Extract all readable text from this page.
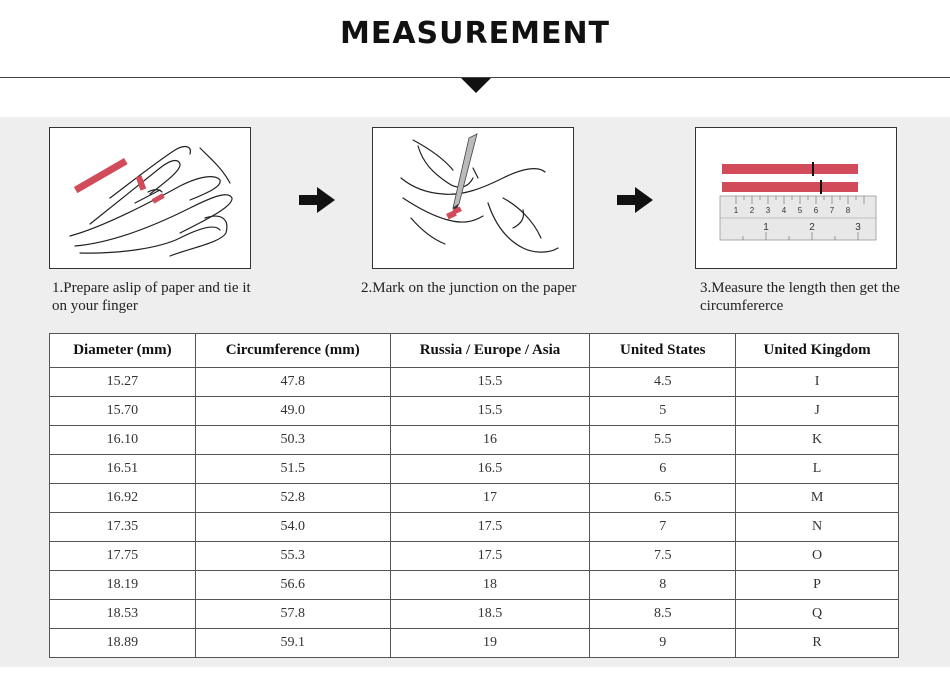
MEASUREMENT
1 2 3 4 5 6 7 8
1	2	3
1.Prepare aslip of paper and tie it on your finger
2.Mark on the junction on the paper	3.Measure the length then get the circumfererce
Diameter (mm)	Circumference (mm)	Russia / Europe / Asia	United States	United Kingdom
15.27	47.8	15.5	4.5	I
15.70	49.0	15.5	5	J
16.10	50.3	16	5.5	K
16.51	51.5	16.5	6	L
16.92	52.8	17	6.5	M
17.35	54.0	17.5	7	N
17.75	55.3	17.5	7.5	O
18.19	56.6	18	8	P
18.53	57.8	18.5	8.5	Q
18.89	59.1	19	9	R
